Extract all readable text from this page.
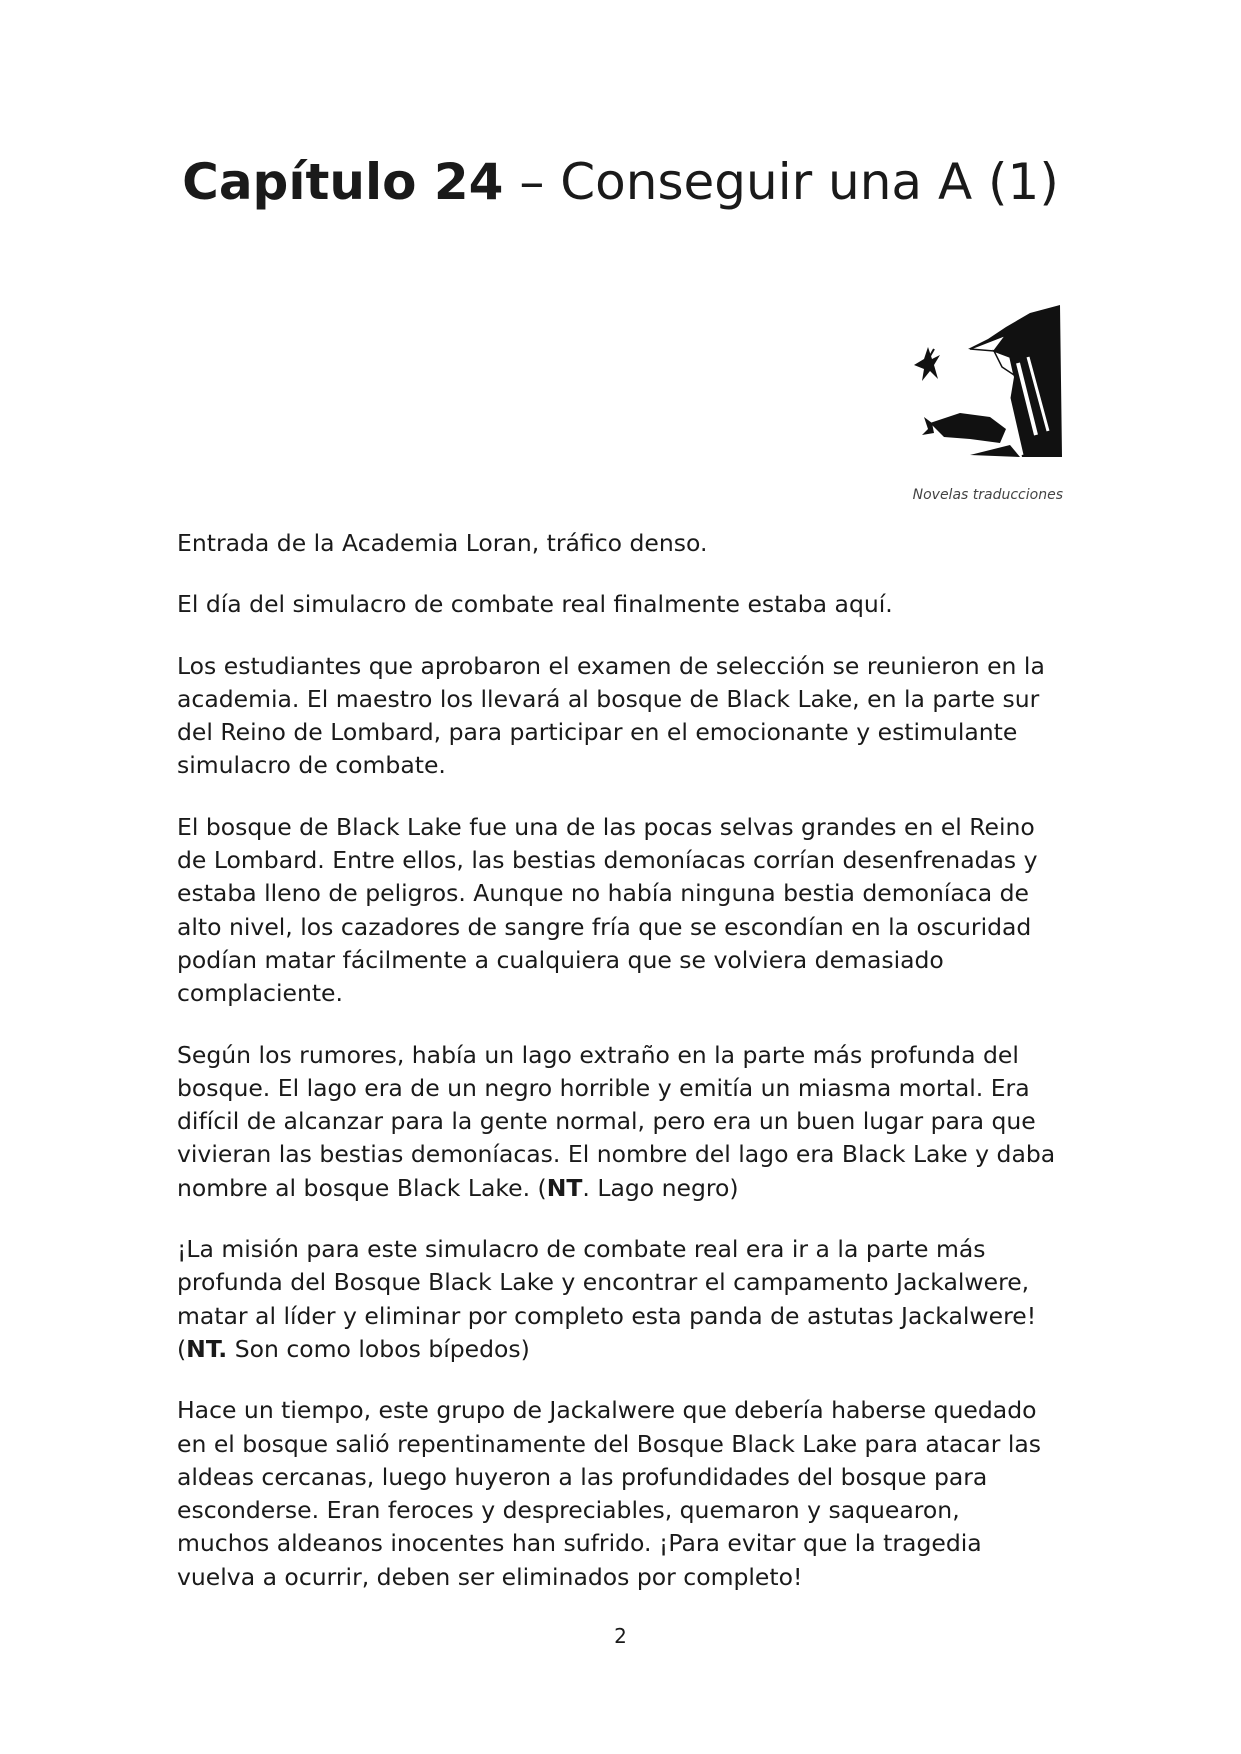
Capítulo 24 – Conseguir una A (1)
Novelas traducciones

Entrada de la Academia Loran, tráfico denso.

El día del simulacro de combate real finalmente estaba aquí.

Los estudiantes que aprobaron el examen de selección se reunieron en la academia. El maestro los llevará al bosque de Black Lake, en la parte sur del Reino de Lombard, para participar en el emocionante y estimulante simulacro de combate.

El bosque de Black Lake fue una de las pocas selvas grandes en el Reino de Lombard. Entre ellos, las bestias demoníacas corrían desenfrenadas y estaba lleno de peligros. Aunque no había ninguna bestia demoníaca de alto nivel, los cazadores de sangre fría que se escondían en la oscuridad podían matar fácilmente a cualquiera que se volviera demasiado complaciente.

Según los rumores, había un lago extraño en la parte más profunda del bosque. El lago era de un negro horrible y emitía un miasma mortal. Era difícil de alcanzar para la gente normal, pero era un buen lugar para que vivieran las bestias demoníacas. El nombre del lago era Black Lake y daba nombre al bosque Black Lake. (NT. Lago negro)

¡La misión para este simulacro de combate real era ir a la parte más profunda del Bosque Black Lake y encontrar el campamento Jackalwere, matar al líder y eliminar por completo esta panda de astutas Jackalwere! (NT. Son como lobos bípedos)

Hace un tiempo, este grupo de Jackalwere que debería haberse quedado en el bosque salió repentinamente del Bosque Black Lake para atacar las aldeas cercanas, luego huyeron a las profundidades del bosque para esconderse. Eran feroces y despreciables, quemaron y saquearon, muchos aldeanos inocentes han sufrido. ¡Para evitar que la tragedia vuelva a ocurrir, deben ser eliminados por completo!

2
